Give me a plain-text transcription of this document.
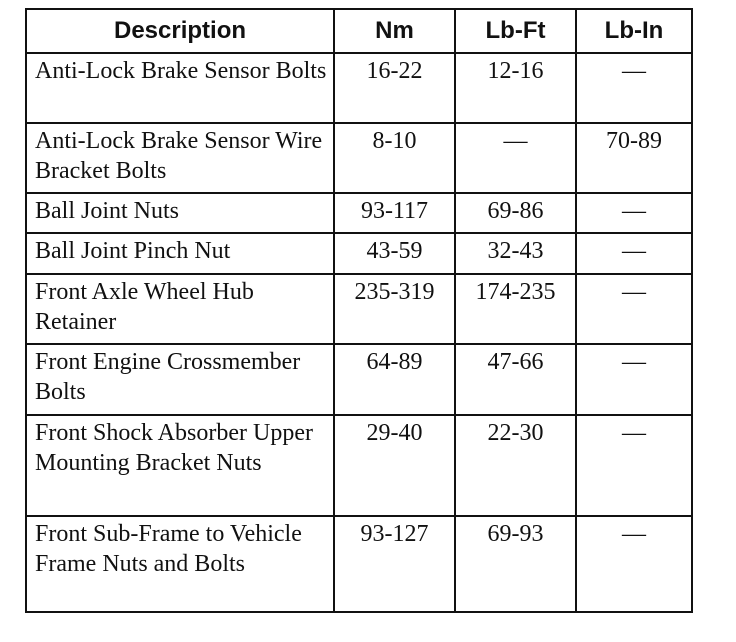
Description	Nm	Lb-Ft	Lb-In
Anti-Lock Brake Sensor Bolts	16-22	12-16	—
Anti-Lock Brake Sensor Wire Bracket Bolts	8-10	—	70-89
Ball Joint Nuts	93-117	69-86	—
Ball Joint Pinch Nut	43-59	32-43	—
Front Axle Wheel Hub Retainer	235-319	174-235	—
Front Engine Crossmember Bolts	64-89	47-66	—
Front Shock Absorber Upper Mounting Bracket Nuts	29-40	22-30	—
Front Sub-Frame to Vehicle Frame Nuts and Bolts	93-127	69-93	—
